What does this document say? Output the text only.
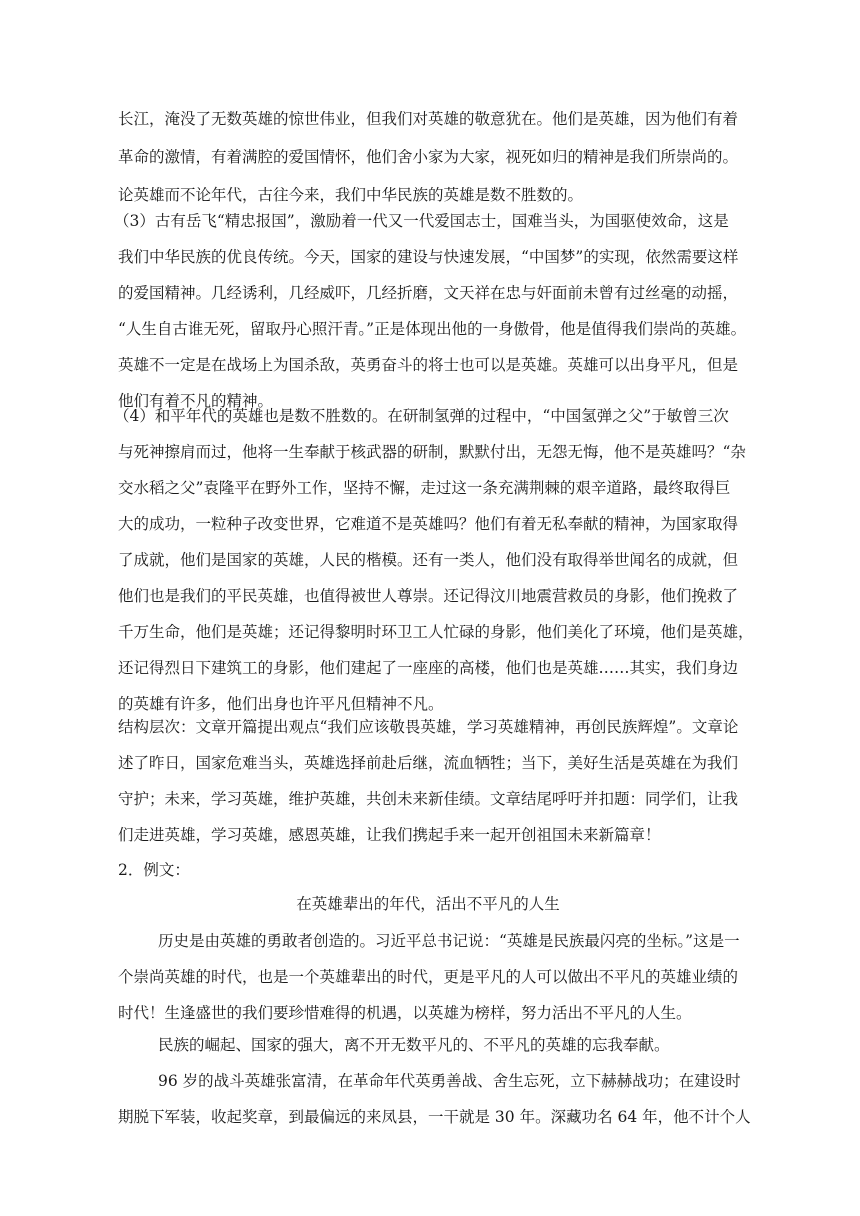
长江，淹没了无数英雄的惊世伟业，但我们对英雄的敬意犹在。他们是英雄，因为他们有着
革命的激情，有着满腔的爱国情怀，他们舍小家为大家，视死如归的精神是我们所崇尚的。
论英雄而不论年代，古往今来，我们中华民族的英雄是数不胜数的。
（3）古有岳飞“精忠报国”，激励着一代又一代爱国志士，国难当头，为国驱使效命，这是
我们中华民族的优良传统。今天，国家的建设与快速发展，“中国梦”的实现，依然需要这样
的爱国精神。几经诱利，几经威吓，几经折磨，文天祥在忠与奸面前未曾有过丝毫的动摇，
“人生自古谁无死，留取丹心照汗青。”正是体现出他的一身傲骨，他是值得我们崇尚的英雄。
英雄不一定是在战场上为国杀敌，英勇奋斗的将士也可以是英雄。英雄可以出身平凡，但是
他们有着不凡的精神。
（4）和平年代的英雄也是数不胜数的。在研制氢弹的过程中，“中国氢弹之父”于敏曾三次
与死神擦肩而过，他将一生奉献于核武器的研制，默默付出，无怨无悔，他不是英雄吗？“杂
交水稻之父”袁隆平在野外工作，坚持不懈，走过这一条充满荆棘的艰辛道路，最终取得巨
大的成功，一粒种子改变世界，它难道不是英雄吗？他们有着无私奉献的精神，为国家取得
了成就，他们是国家的英雄，人民的楷模。还有一类人，他们没有取得举世闻名的成就，但
他们也是我们的平民英雄，也值得被世人尊崇。还记得汶川地震营救员的身影，他们挽救了
千万生命，他们是英雄；还记得黎明时环卫工人忙碌的身影，他们美化了环境，他们是英雄，
还记得烈日下建筑工的身影，他们建起了一座座的高楼，他们也是英雄……其实，我们身边
的英雄有许多，他们出身也许平凡但精神不凡。
结构层次：文章开篇提出观点“我们应该敬畏英雄，学习英雄精神，再创民族辉煌”。文章论
述了昨日，国家危难当头，英雄选择前赴后继，流血牺牲；当下，美好生活是英雄在为我们
守护；未来，学习英雄，维护英雄，共创未来新佳绩。文章结尾呼吁并扣题：同学们，让我
们走进英雄，学习英雄，感恩英雄，让我们携起手来一起开创祖国未来新篇章！
2．例文：
在英雄辈出的年代，活出不平凡的人生
历史是由英雄的勇敢者创造的。习近平总书记说：“英雄是民族最闪亮的坐标。”这是一
个崇尚英雄的时代，也是一个英雄辈出的时代，更是平凡的人可以做出不平凡的英雄业绩的
时代！生逢盛世的我们要珍惜难得的机遇，以英雄为榜样，努力活出不平凡的人生。
民族的崛起、国家的强大，离不开无数平凡的、不平凡的英雄的忘我奉献。
96 岁的战斗英雄张富清，在革命年代英勇善战、舍生忘死，立下赫赫战功；在建设时
期脱下军装，收起奖章，到最偏远的来凤县，一干就是 30 年。深藏功名 64 年，他不计个人
